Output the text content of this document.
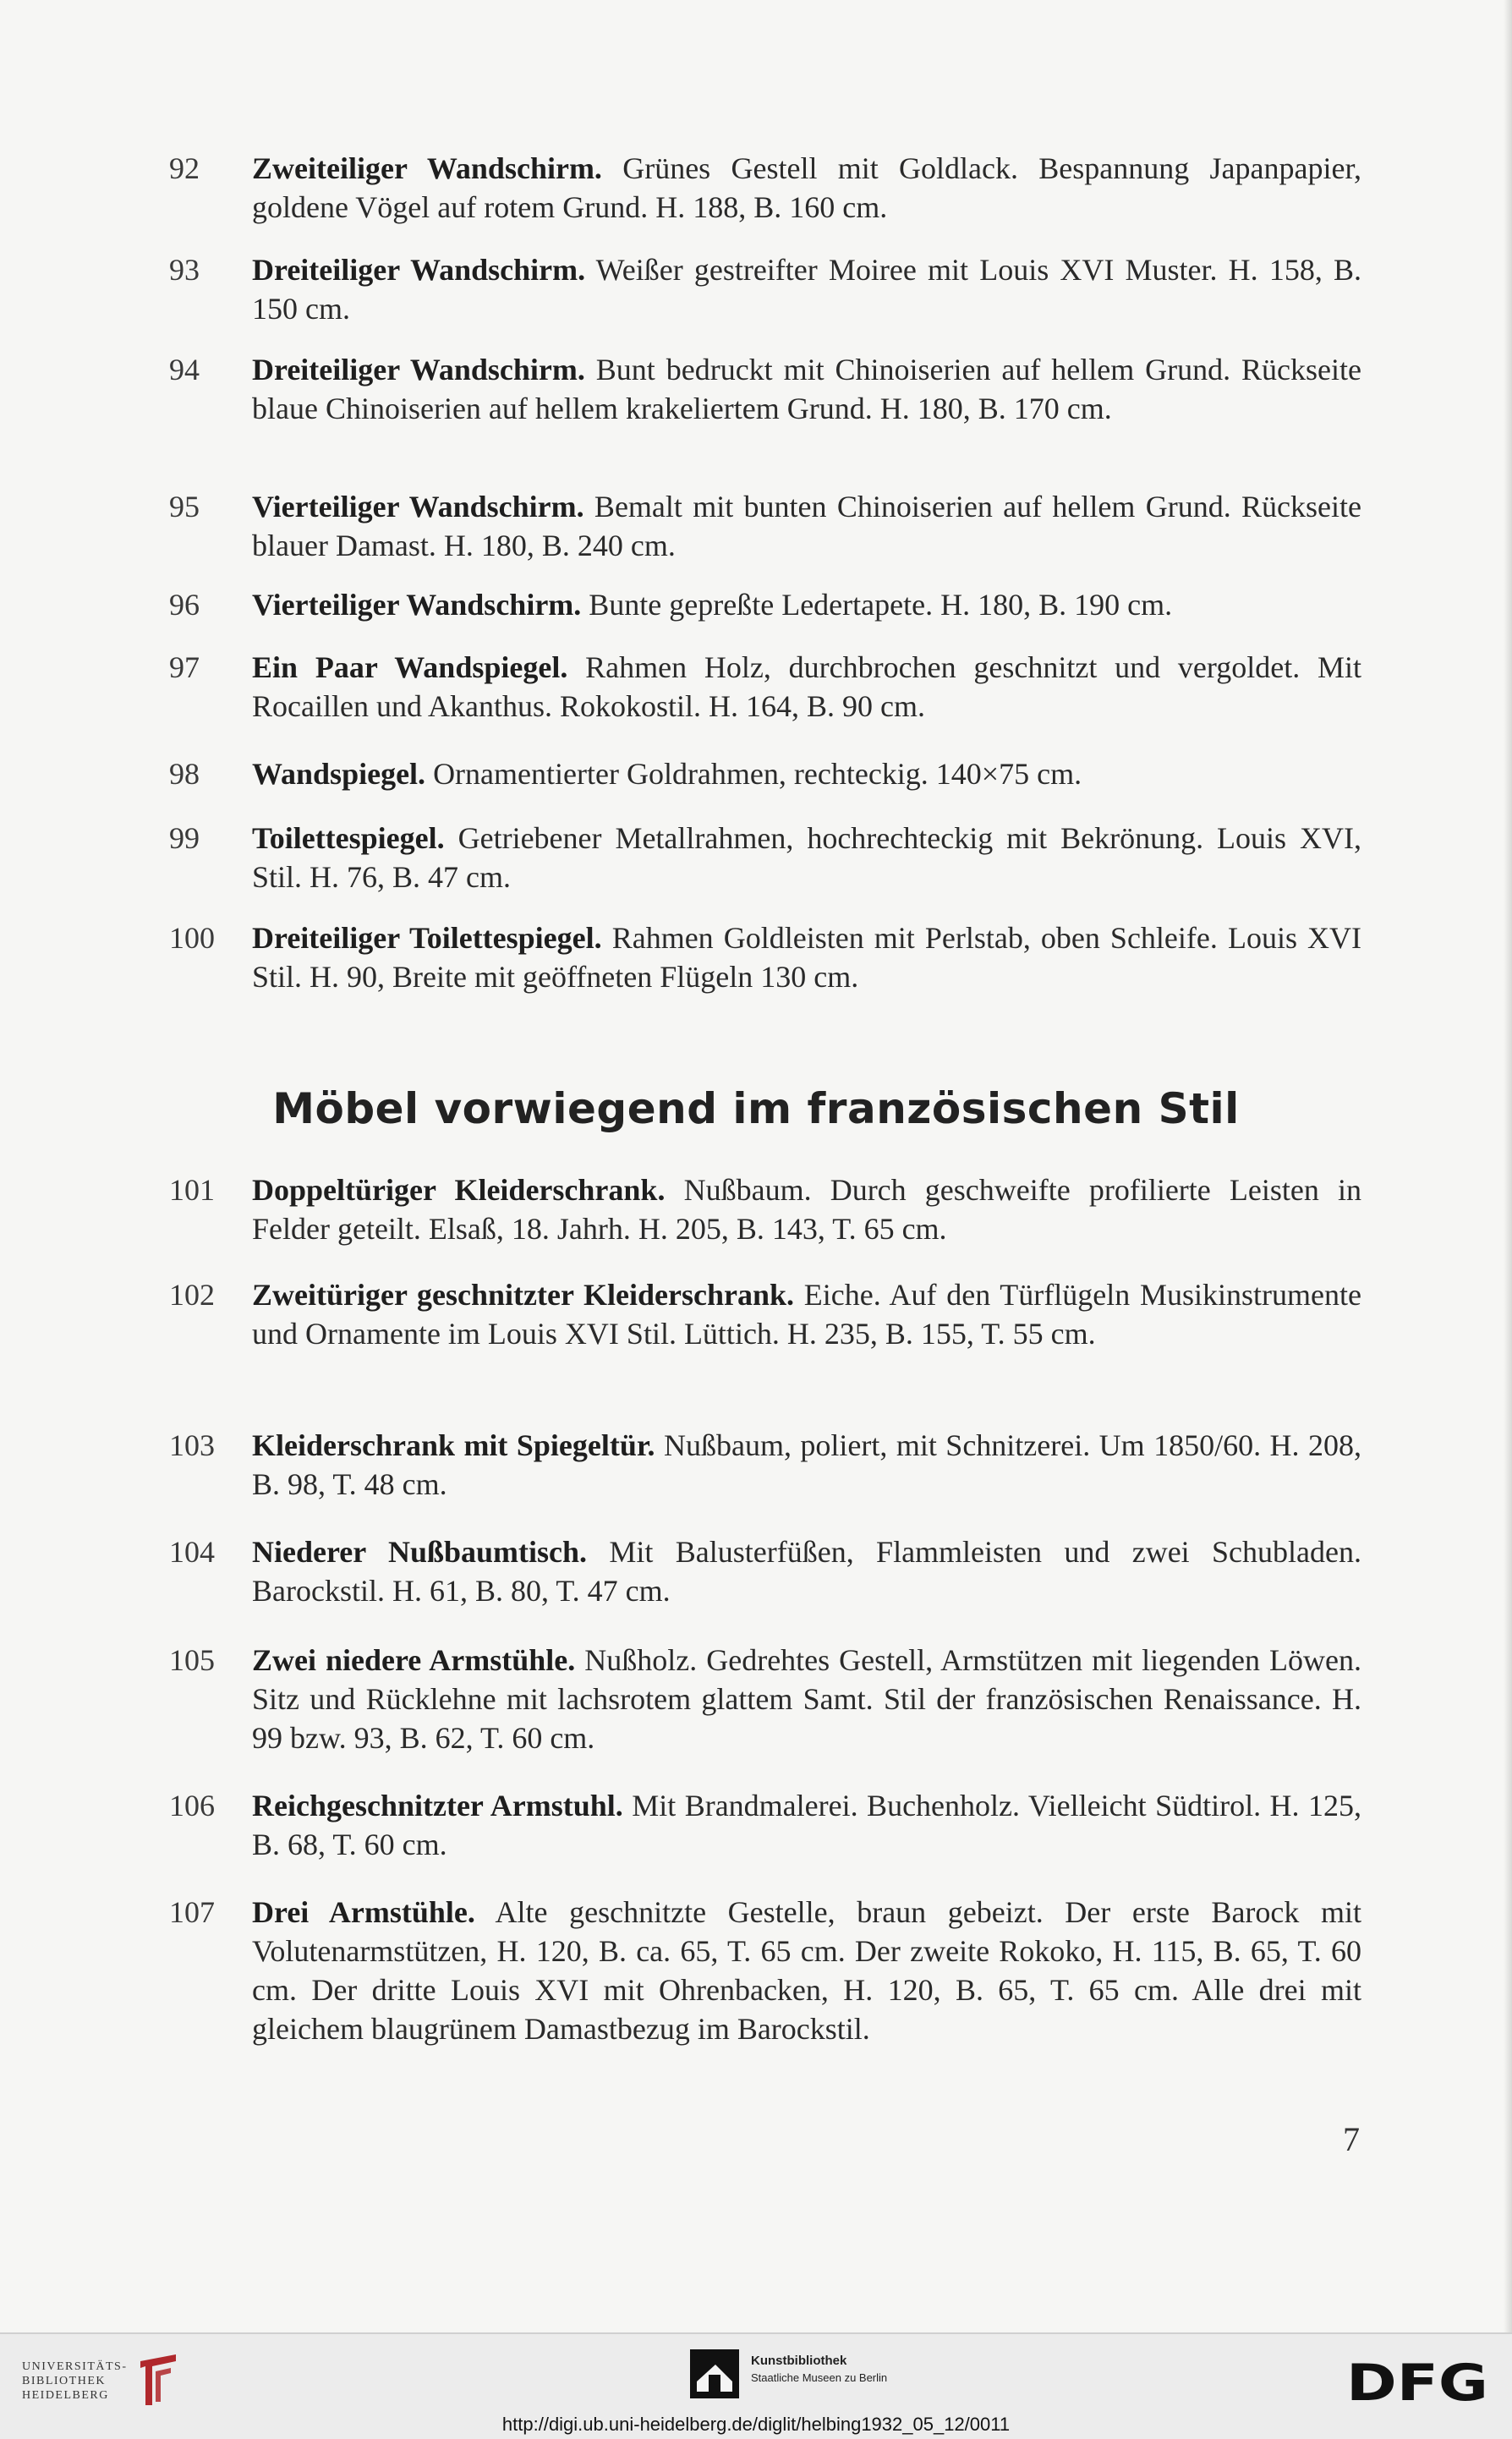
92	Zweiteiliger Wandschirm. Grünes Gestell mit Goldlack. Bespannung Japanpapier, goldene Vögel auf rotem Grund. H. 188, B. 160 cm.
93	Dreiteiliger Wandschirm. Weißer gestreifter Moiree mit Louis XVI Muster. H. 158, B. 150 cm.
94	Dreiteiliger Wandschirm. Bunt bedruckt mit Chinoiserien auf hellem Grund. Rückseite blaue Chinoiserien auf hellem krakeliertem Grund. H. 180, B. 170 cm.
95	Vierteiliger Wandschirm. Bemalt mit bunten Chinoiserien auf hellem Grund. Rückseite blauer Damast. H. 180, B. 240 cm.
96	Vierteiliger Wandschirm. Bunte gepreßte Ledertapete. H. 180, B. 190 cm.
97	Ein Paar Wandspiegel. Rahmen Holz, durchbrochen geschnitzt und vergoldet. Mit Rocaillen und Akanthus. Rokokostil. H. 164, B. 90 cm.
98	Wandspiegel. Ornamentierter Goldrahmen, rechteckig. 140×75 cm.
99	Toilettespiegel. Getriebener Metallrahmen, hochrechteckig mit Bekrönung. Louis XVI, Stil. H. 76, B. 47 cm.
100	Dreiteiliger Toilettespiegel. Rahmen Goldleisten mit Perlstab, oben Schleife. Louis XVI Stil. H. 90, Breite mit geöffneten Flügeln 130 cm.
Möbel vorwiegend im französischen Stil
101	Doppeltüriger Kleiderschrank. Nußbaum. Durch geschweifte profilierte Leisten in Felder geteilt. Elsaß, 18. Jahrh. H. 205, B. 143, T. 65 cm.
102	Zweitüriger geschnitzter Kleiderschrank. Eiche. Auf den Türflügeln Musikinstrumente und Ornamente im Louis XVI Stil. Lüttich. H. 235, B. 155, T. 55 cm.
103	Kleiderschrank mit Spiegeltür. Nußbaum, poliert, mit Schnitzerei. Um 1850/60. H. 208, B. 98, T. 48 cm.
104	Niederer Nußbaumtisch. Mit Balusterfüßen, Flammleisten und zwei Schubladen. Barockstil. H. 61, B. 80, T. 47 cm.
105	Zwei niedere Armstühle. Nußholz. Gedrehtes Gestell, Armstützen mit liegenden Löwen. Sitz und Rücklehne mit lachsrotem glattem Samt. Stil der französischen Renaissance. H. 99 bzw. 93, B. 62, T. 60 cm.
106	Reichgeschnitzter Armstuhl. Mit Brandmalerei. Buchenholz. Vielleicht Südtirol. H. 125, B. 68, T. 60 cm.
107	Drei Armstühle. Alte geschnitzte Gestelle, braun gebeizt. Der erste Barock mit Volutenarmstützen, H. 120, B. ca. 65, T. 65 cm. Der zweite Rokoko, H. 115, B. 65, T. 60 cm. Der dritte Louis XVI mit Ohrenbacken, H. 120, B. 65, T. 65 cm. Alle drei mit gleichem blaugrünem Damastbezug im Barockstil.
7
UNIVERSITÄTS-
BIBLIOTHEK
HEIDELBERG
Kunstbibliothek
Staatliche Museen zu Berlin	DFG
http://digi.ub.uni-heidelberg.de/diglit/helbing1932_05_12/0011
